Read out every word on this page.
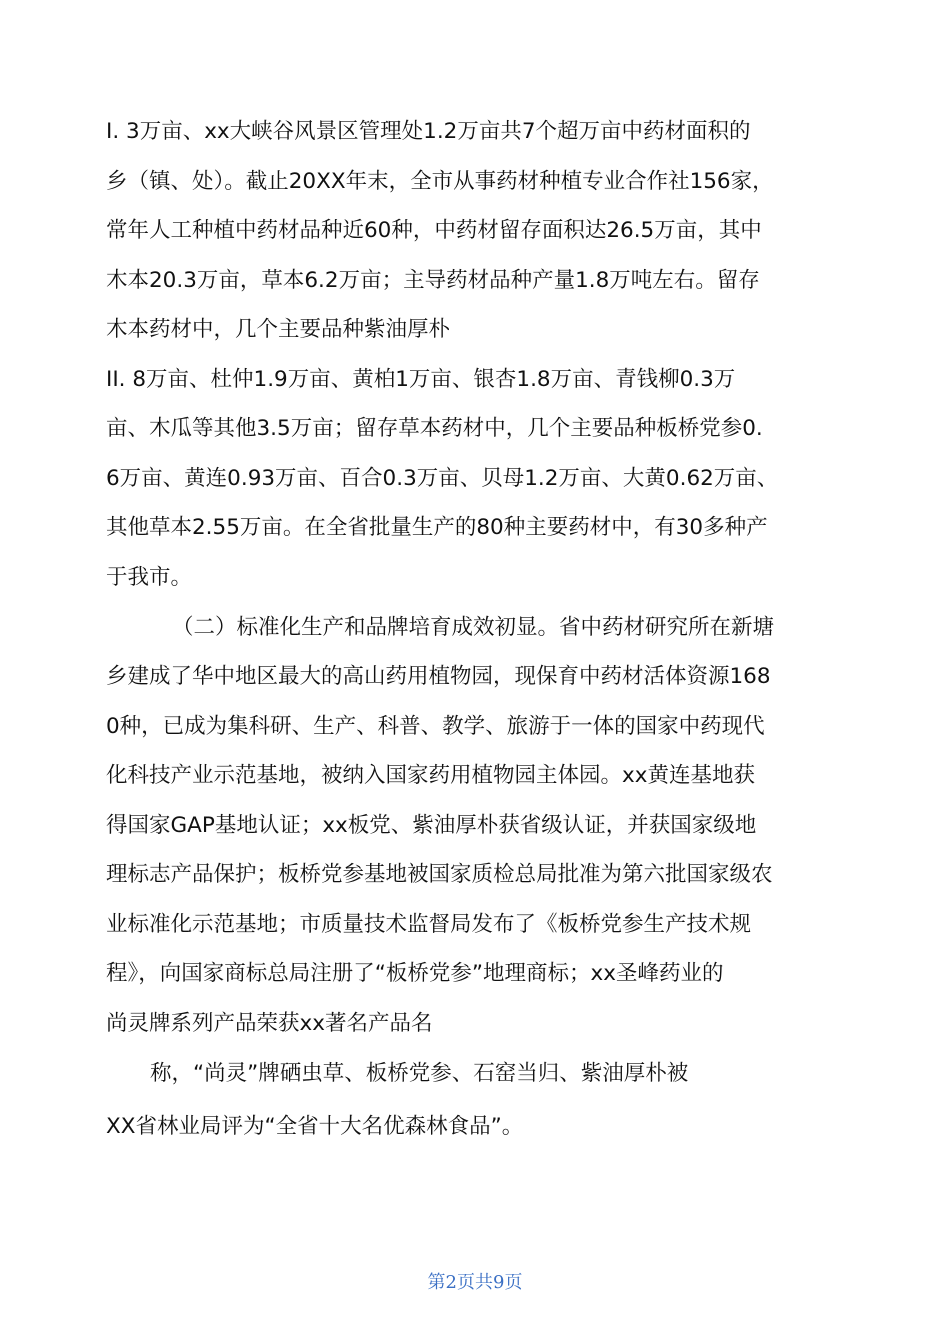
I. 3万亩、xx大峡谷风景区管理处1.2万亩共7个超万亩中药材面积的

乡（镇、处）。截止20XX年末，全市从事药材种植专业合作社156家，

常年人工种植中药材品种近60种，中药材留存面积达26.5万亩，其中

木本20.3万亩，草本6.2万亩；主导药材品种产量1.8万吨左右。留存

木本药材中，几个主要品种紫油厚朴

II. 8万亩、杜仲1.9万亩、黄柏1万亩、银杏1.8万亩、青钱柳0.3万

亩、木瓜等其他3.5万亩；留存草本药材中，几个主要品种板桥党参0.

6万亩、黄连0.93万亩、百合0.3万亩、贝母1.2万亩、大黄0.62万亩、

其他草本2.55万亩。在全省批量生产的80种主要药材中，有30多种产

于我市。

（二）标准化生产和品牌培育成效初显。省中药材研究所在新塘

乡建成了华中地区最大的高山药用植物园，现保育中药材活体资源168

0种，已成为集科研、生产、科普、教学、旅游于一体的国家中药现代

化科技产业示范基地，被纳入国家药用植物园主体园。xx黄连基地获

得国家GAP基地认证；xx板党、紫油厚朴获省级认证，并获国家级地

理标志产品保护；板桥党参基地被国家质检总局批准为第六批国家级农

业标准化示范基地；市质量技术监督局发布了《板桥党参生产技术规

程》，向国家商标总局注册了“板桥党参”地理商标；xx圣峰药业的

尚灵牌系列产品荣获xx著名产品名

称，“尚灵”牌硒虫草、板桥党参、石窑当归、紫油厚朴被

XX省林业局评为“全省十大名优森林食品”。

第2页共9页
